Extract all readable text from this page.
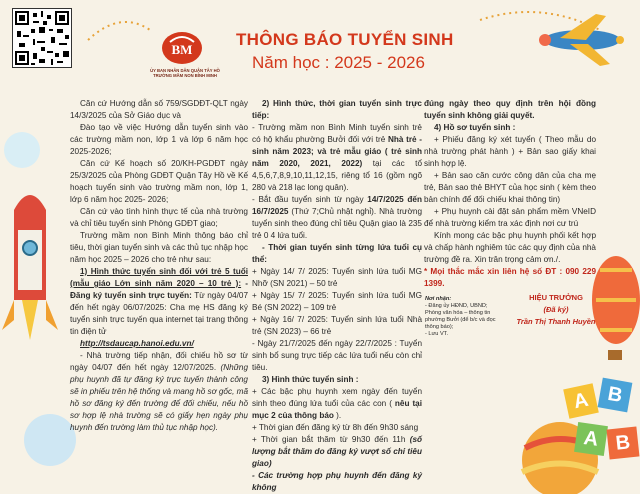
A B
A B
BM
ỦY BAN NHÂN DÂN QUẬN TÂY HỒ
TRƯỜNG MẦM NON BÌNH MINH
THÔNG BÁO TUYỂN SINH
Năm học : 2025 - 2026

Căn cứ Hướng dẫn số 759/SGDĐT-QLT ngày 14/3/2025 của Sở Giáo dục và

Đào tạo về việc Hướng dẫn tuyển sinh vào các trường mầm non, lớp 1 và lớp 6 năm học 2025-2026;

Căn cứ Kế hoạch số 20/KH-PGDĐT ngày 25/3/2025 của Phòng GDĐT Quận Tây Hồ về Kế hoạch tuyển sinh vào trường mầm non, lớp 1, lớp 6 năm học 2025- 2026;

Căn cứ vào tình hình thực tế của nhà trường và chỉ tiêu tuyển sinh Phòng GDĐT giao;

Trường mầm non Bình Minh thông báo chỉ tiêu, thời gian tuyển sinh và các thủ tục nhập học năm học 2025 – 2026 cho trẻ như sau:

1) Hình thức tuyển sinh đối với trẻ 5 tuổi (mẫu giáo Lớn sinh năm 2020 – 10 trẻ ): - Đăng ký tuyển sinh trực tuyến: Từ ngày 04/07 đến hết ngày 06/07/2025: Cha mẹ HS đăng ký tuyển sinh trực tuyến qua internet tại trang thông tin điện tử

http://tsdaucap.hanoi.edu.vn/

- Nhà trường tiếp nhận, đối chiếu hồ sơ từ ngày 04/07 đến hết ngày 12/07/2025. (Những phụ huynh đã tự đăng ký trực tuyến thành công sẽ in phiếu trên hệ thống và mang hồ sơ gốc, mã hồ sơ đăng ký đến trường để đối chiếu, nếu hồ sơ hợp lệ nhà trường sẽ có giấy hẹn ngày phụ huynh đến trường làm thủ tục nhập học).

2) Hình thức, thời gian tuyển sinh trực tiếp:

- Trường mầm non Bình Minh tuyển sinh trẻ có hộ khẩu phường Bưởi đối với trẻ Nhà trẻ - sinh năm 2023; và trẻ mẫu giáo ( trẻ sinh năm 2020, 2021, 2022) tại các tổ 4,5,6,7,8,9,10,11,12,15, riêng tổ 16 (gồm ngõ 280 và 218 lạc long quân).

- Bắt đầu tuyển sinh từ ngày 14/7/2025 đến 16/7/2025 (Thứ 7;Chủ nhật nghỉ). Nhà trường tuyển sinh theo đúng chỉ tiêu Quận giao là 235 trẻ 0 4 lứa tuổi.

- Thời gian tuyển sinh từng lứa tuổi cụ thể:

+ Ngày 14/ 7/ 2025: Tuyển sinh lứa tuổi MG Nhỡ (SN 2021) – 50 trẻ

+ Ngày 15/ 7/ 2025: Tuyển sinh lứa tuổi MG Bé (SN 2022) – 109 trẻ

+ Ngày 16/ 7/ 2025: Tuyển sinh lứa tuổi Nhà trẻ (SN 2023) – 66 trẻ

- Ngày 21/7/2025 đến ngày 22/7/2025 : Tuyển sinh bổ sung trực tiếp các lứa tuổi nếu còn chỉ tiêu.

3) Hình thức tuyển sinh :

+ Các bậc phụ huynh xem ngày đến tuyển sinh theo đúng lứa tuổi của các con ( nêu tại mục 2 của thông báo ).

+ Thời gian đến đăng ký từ 8h đến 9h30 sáng

+ Thời gian bắt thăm từ 9h30 đến 11h (số lượng bắt thăm do đăng ký vượt số chỉ tiêu giao)

- Các trường hợp phụ huynh đến đăng ký không

đúng ngày theo quy định trên hội đồng tuyển sinh không giải quyết.

4) Hồ sơ tuyển sinh :

+ Phiếu đăng ký xét tuyển ( Theo mẫu do nhà trường phát hành ) + Bản sao giấy khai sinh hợp lệ.

+ Bản sao căn cước công dân của cha mẹ trẻ, Bản sao thẻ BHYT của học sinh ( kèm theo bản chính để đối chiếu khai thông tin)

+ Phụ huynh cài đặt sản phẩm mềm VNeID để nhà trường kiểm tra xác định nơi cư trú

Kính mong các bậc phụ huynh phối kết hợp và chấp hành nghiêm túc các quy định của nhà trường đề ra. Xin trân trọng cảm ơn./.

* Mọi thắc mắc xin liên hệ số ĐT : 090 229 1399.

Nơi nhận:
- Đăng ủy HĐND, UBND;
Phòng văn hóa – thông tin phường Bưởi (để b/c và đọc thông báo);
- Lưu VT.
HIỆU TRƯỞNG
(Đã ký)
Trần Thị Thanh Huyền
